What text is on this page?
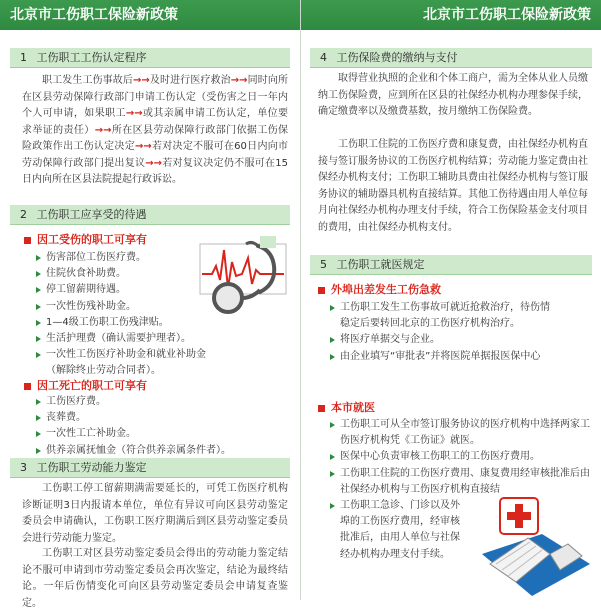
北京市工伤职工保险新政策	北京市工伤职工保险新政策
1 工伤职工工伤认定程序
职工发生工伤事故后→→及时进行医疗救治→→同时向所在区县劳动保障行政部门申请工伤认定（受伤害之日一年内个人可申请，如果职工→→或其亲属申请工伤认定，单位要求举证的责任）→→所在区县劳动保障行政部门依据工伤保险政策作出工伤认定决定→→若对决定不服可在60日内向市劳动保障行政部门提出复议→→若对复议决定仍不服可在15日内向所在区县法院提起行政诉讼。
2 工伤职工应享受的待遇
因工受伤的职工可享有
伤害部位工伤医疗费。
住院伙食补助费。
停工留薪期待遇。
一次性伤残补助金。
1—4级工伤职工伤残津贴。
生活护理费（确认需要护理者）。
一次性工伤医疗补助金和就业补助金
（解除终止劳动合同者）。
因工死亡的职工可享有
工伤医疗费。
丧葬费。
一次性工亡补助金。
供养亲属抚恤金（符合供养亲属条件者）。
3 工伤职工劳动能力鉴定
工伤职工停工留薪期满需要延长的，可凭工伤医疗机构诊断证明3日内报请本单位，单位有异议可向区县劳动鉴定委员会申请确认，工伤职工医疗期满后到区县劳动鉴定委员会进行劳动能力鉴定。
工伤职工对区县劳动鉴定委员会得出的劳动能力鉴定结论不服可申请到市劳动鉴定委员会再次鉴定，结论为最终结论。一年后伤情变化可向区县劳动鉴定委员会申请复查鉴定。
4 工伤保险费的缴纳与支付
取得营业执照的企业和个体工商户，需为全体从业人员缴纳工伤保险费，应到所在区县的社保经办机构办理参保手续，确定缴费率以及缴费基数，按月缴纳工伤保险费。
工伤职工住院的工伤医疗费和康复费，由社保经办机构直接与签订服务协议的工伤医疗机构结算；劳动能力鉴定费由社保经办机构支付；工伤职工辅助具费由社保经办机构与签订服务协议的辅助器具机构直接结算。其他工伤待遇由用人单位每月向社保经办机构办理支付手续，符合工伤保险基金支付项目的费用，由社保经办机构支付。
5 工伤职工就医规定
外埠出差发生工伤急救
工伤职工发生工伤事故可就近抢救治疗，待伤情
稳定后要转回北京的工伤医疗机构治疗。
将医疗单据交与企业。
由企业填写“审批表”并将医院单据报医保中心
本市就医
工伤职工可从全市签订服务协议的医疗机构中选择两家工伤医疗机构凭《工伤证》就医。
医保中心负责审核工伤职工的工伤医疗费用。
工伤职工住院的工伤医疗费用、康复费用经审核批准后由社保经办机构与工伤医疗机构直接结
工伤职工急诊、门诊以及外埠的工伤医疗费用，经审核批准后，由用人单位与社保经办机构办理支付手续。
